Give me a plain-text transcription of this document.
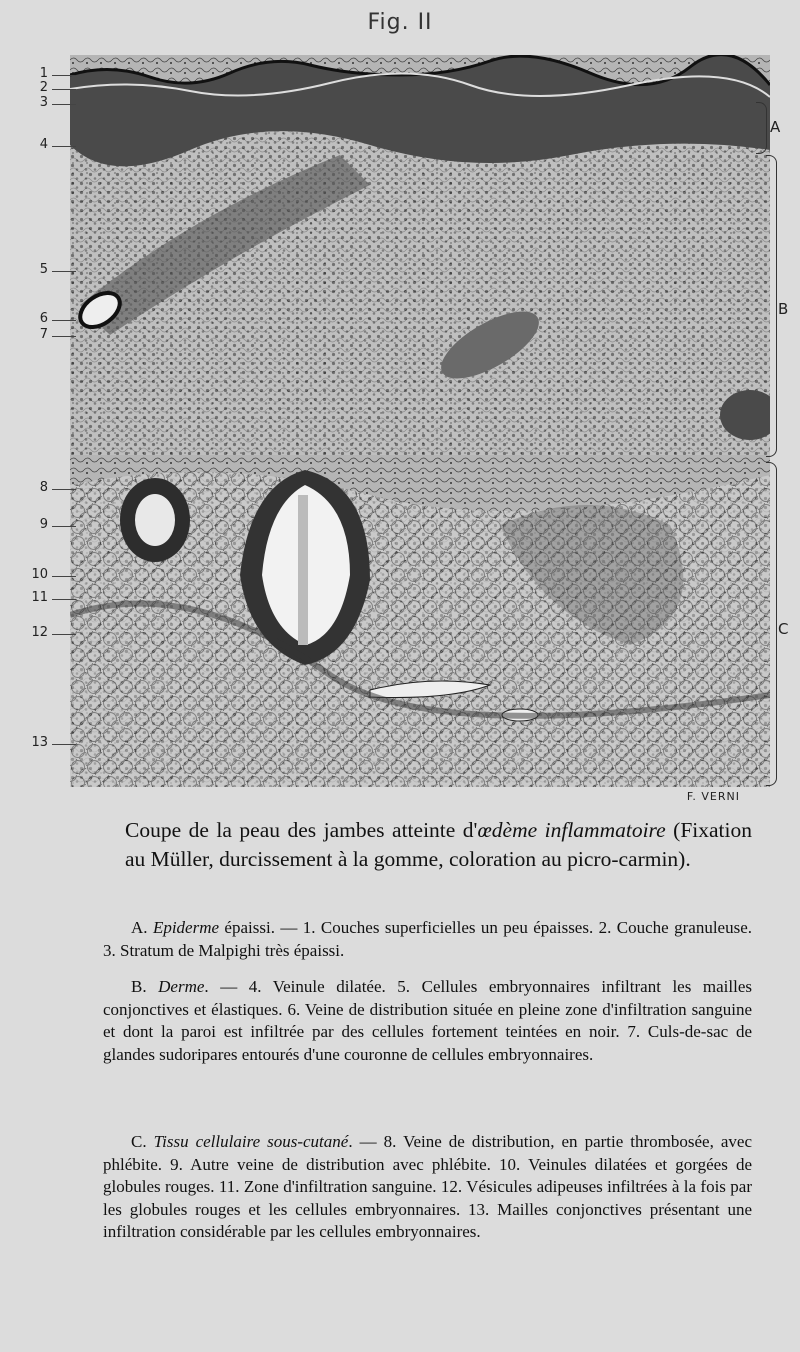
Fig. II
1
2
3
4
5
6
7
8
9
10
11
12
13
A
B
C
F. VERNI
Coupe de la peau des jambes atteinte d'œdème inflammatoire (Fixation au Müller, durcissement à la gomme, coloration au picro-carmin).

A. Epiderme épaissi. — 1. Couches superficielles un peu épaisses. 2. Couche granuleuse. 3. Stratum de Malpighi très épaissi.

B. Derme. — 4. Veinule dilatée. 5. Cellules embryonnaires infiltrant les mailles conjonctives et élastiques. 6. Veine de distribution située en pleine zone d'infiltration sanguine et dont la paroi est infiltrée par des cellules fortement teintées en noir. 7. Culs-de-sac de glandes sudoripares entourés d'une couronne de cellules embryonnaires.

C. Tissu cellulaire sous-cutané. — 8. Veine de distribution, en partie thrombosée, avec phlébite. 9. Autre veine de distribution avec phlébite. 10. Veinules dilatées et gorgées de globules rouges. 11. Zone d'infiltration sanguine. 12. Vésicules adipeuses infiltrées à la fois par les globules rouges et les cellules embryonnaires. 13. Mailles conjonctives présentant une infiltration considérable par les cellules embryonnaires.
